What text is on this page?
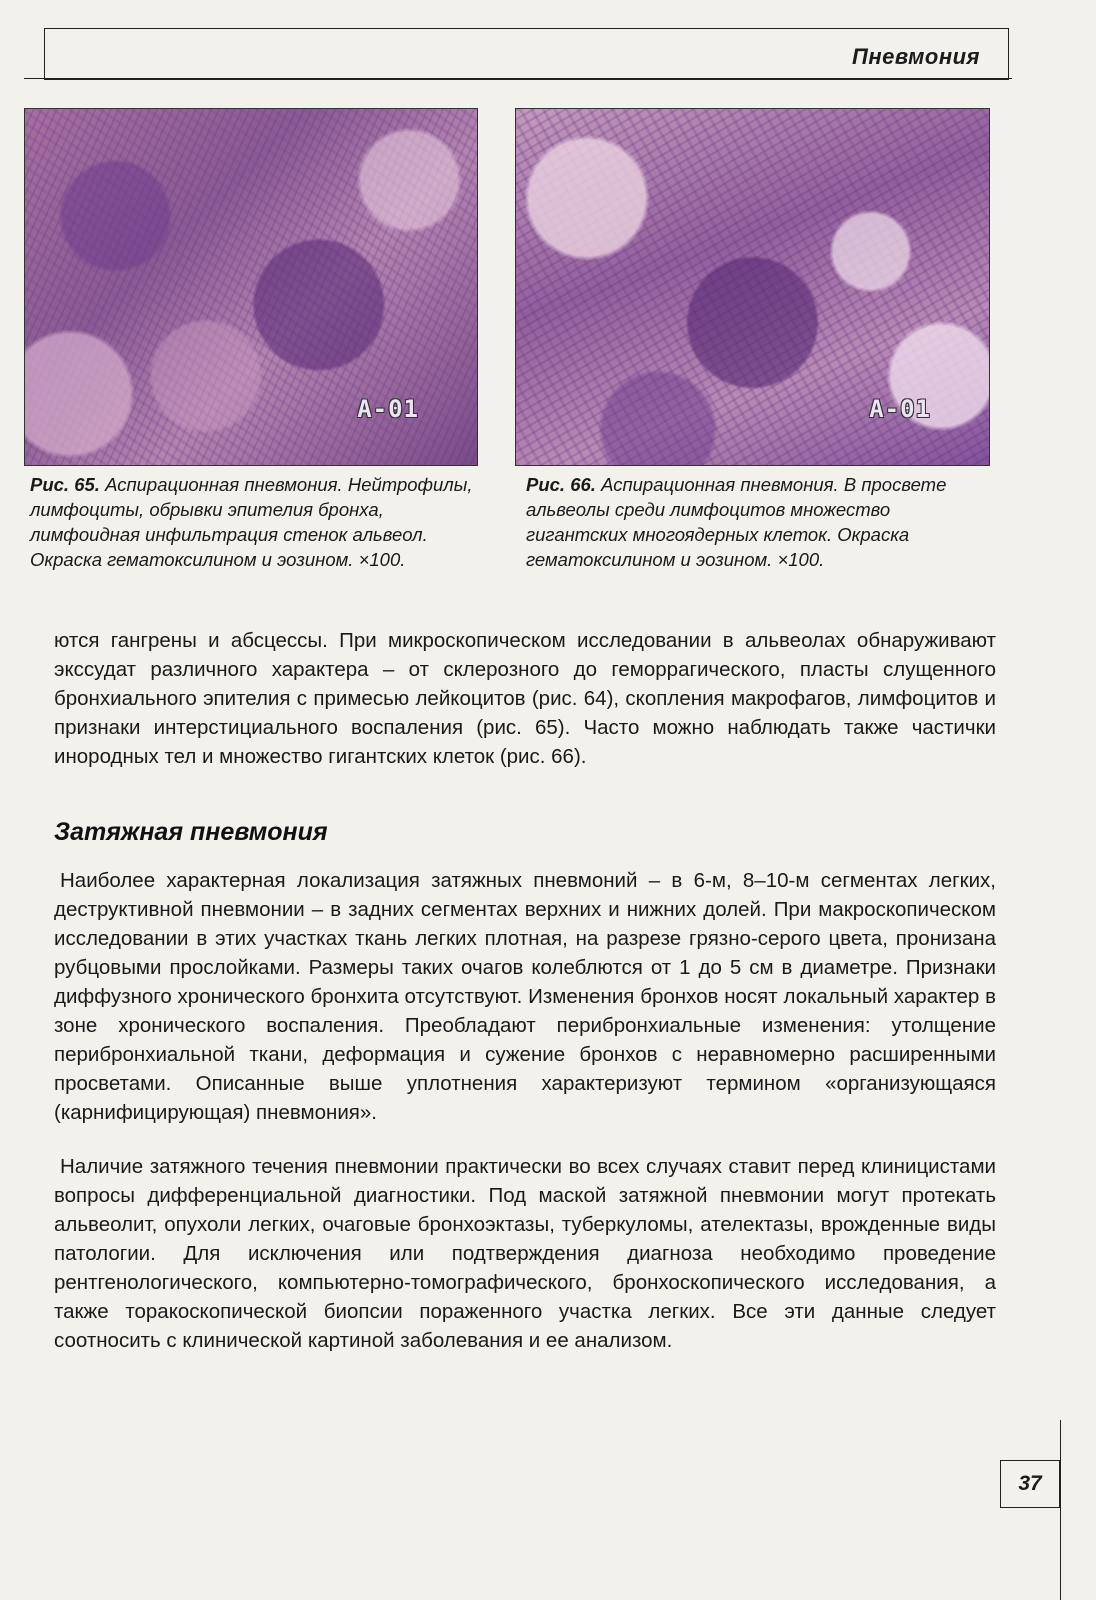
Пневмония
A-01	A-01
Рис. 65. Аспирационная пневмония. Нейтрофилы, лимфоциты, обрывки эпителия бронха, лимфоидная инфильтрация стенок альвеол. Окраска гематоксилином и эозином. ×100.
Рис. 66. Аспирационная пневмония. В просвете альвеолы среди лимфоцитов множество гигантских многоядерных клеток. Окраска гематоксилином и эозином. ×100.

ются гангрены и абсцессы. При микроскопическом исследовании в альвеолах обнаруживают экссудат различного характера – от склерозного до геморрагического, пласты слущенного бронхиального эпителия с примесью лейкоцитов (рис. 64), скопления макрофагов, лимфоцитов и признаки интерстициального воспаления (рис. 65). Часто можно наблюдать также частички инородных тел и множество гигантских клеток (рис. 66).

Затяжная пневмония

Наиболее характерная локализация затяжных пневмоний – в 6-м, 8–10-м сегментах легких, деструктивной пневмонии – в задних сегментах верхних и нижних долей. При макроскопическом исследовании в этих участках ткань легких плотная, на разрезе грязно-серого цвета, пронизана рубцовыми прослойками. Размеры таких очагов колеблются от 1 до 5 см в диаметре. Признаки диффузного хронического бронхита отсутствуют. Изменения бронхов носят локальный характер в зоне хронического воспаления. Преобладают перибронхиальные изменения: утолщение перибронхиальной ткани, деформация и сужение бронхов с неравномерно расширенными просветами. Описанные выше уплотнения характеризуют термином «организующаяся (карнифицирующая) пневмония».

Наличие затяжного течения пневмонии практически во всех случаях ставит перед клиницистами вопросы дифференциальной диагностики. Под маской затяжной пневмонии могут протекать альвеолит, опухоли легких, очаговые бронхоэктазы, туберкуломы, ателектазы, врожденные виды патологии. Для исключения или подтверждения диагноза необходимо проведение рентгенологического, компьютерно-томографического, бронхоскопического исследования, а также торакоскопической биопсии пораженного участка легких. Все эти данные следует соотносить с клинической картиной заболевания и ее анализом.

37
